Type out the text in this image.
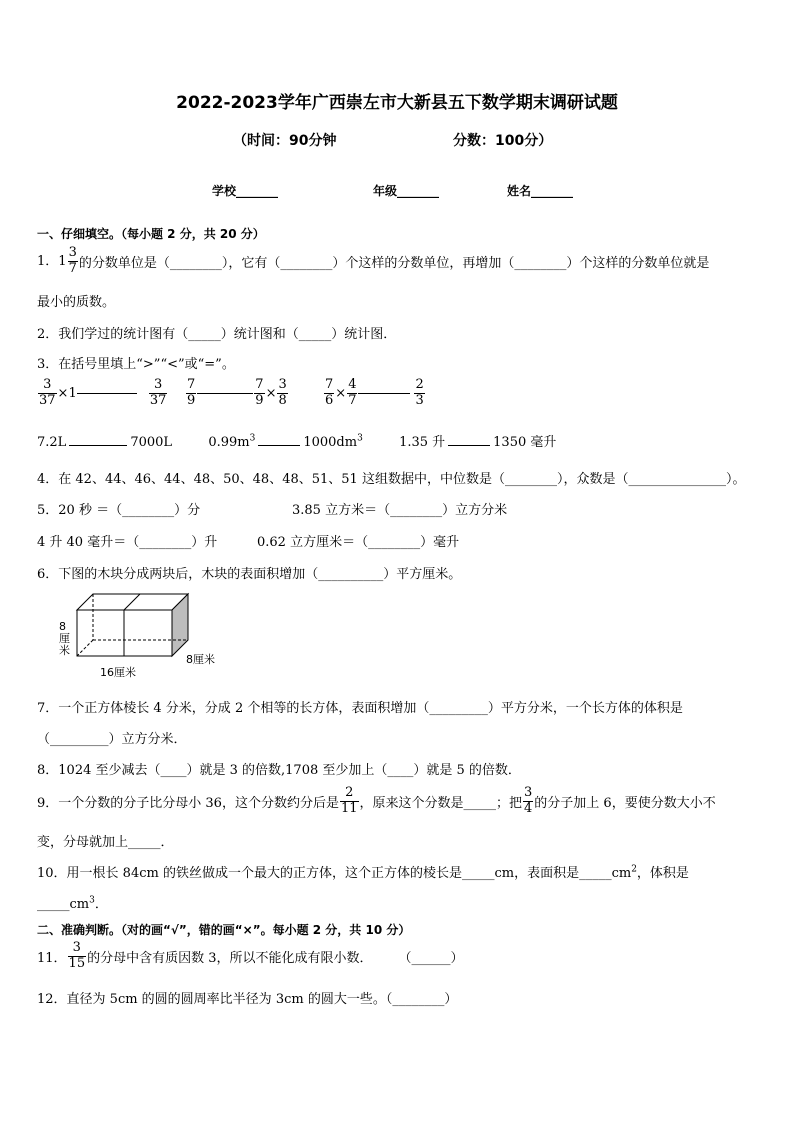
2022-2023学年广西崇左市大新县五下数学期末调研试题
（时间：90分钟	分数：100分）
学校_______	年级_______	姓名_______
一、仔细填空。（每小题 2 分，共 20 分）
1．$1 \frac{3}{7}$ 的分数单位是（________），它有（________）个这样的分数单位，再增加（________）个这样的分数单位就是
最小的质数。
2．我们学过的统计图有（_____）统计图和（_____）统计图．
3．在括号里填上“>”“<”或“=”。
$\frac{3}{37} \times 1$	$\frac{3}{37} \frac{7}{9}$	$\frac{7}{9} \times \frac{3}{8}$	$\frac{7}{6} \times \frac{4}{7}$	$\frac{2}{3}$
7.2L	7000L	$0.99m^3$	$1000dm^3$	1.35 升	1350 毫升
4．在 42、44、46、44、48、50、48、48、51、51 这组数据中，中位数是（________），众数是（_______________）。
5．20 秒 ＝（________）分	3.85 立方米＝（________）立方分米
4 升 40 毫升＝（________）升	0.62 立方厘米＝（________）毫升
6．下图的木块分成两块后，木块的表面积增加（__________）平方厘米。
8
厘
米
16厘米
8厘米
7．一个正方体棱长 4 分米，分成 2 个相等的长方体，表面积增加（_________）平方分米，一个长方体的体积是
（_________）立方分米．
8．1024 至少减去（____）就是 3 的倍数,1708 至少加上（____）就是 5 的倍数．
9．一个分数的分子比分母小 36，这个分数约分后是 $\frac{2}{11}$ ，原来这个分数是_____；把 $\frac{3}{4}$ 的分子加上 6，要使分数大小不
变，分母就加上_____．
10．用一根长 84cm 的铁丝做成一个最大的正方体，这个正方体的棱长是_____cm，表面积是$\_\_\_\_\_cm^2$，体积是
$\_\_\_\_\_cm^3$．
二、准确判断。（对的画“√”，错的画“×”。每小题 2 分，共 10 分）
11． $\frac{3}{15}$ 的分母中含有质因数 3，所以不能化成有限小数． （______）
12．直径为 5cm 的圆的圆周率比半径为 3cm 的圆大一些。（________）
